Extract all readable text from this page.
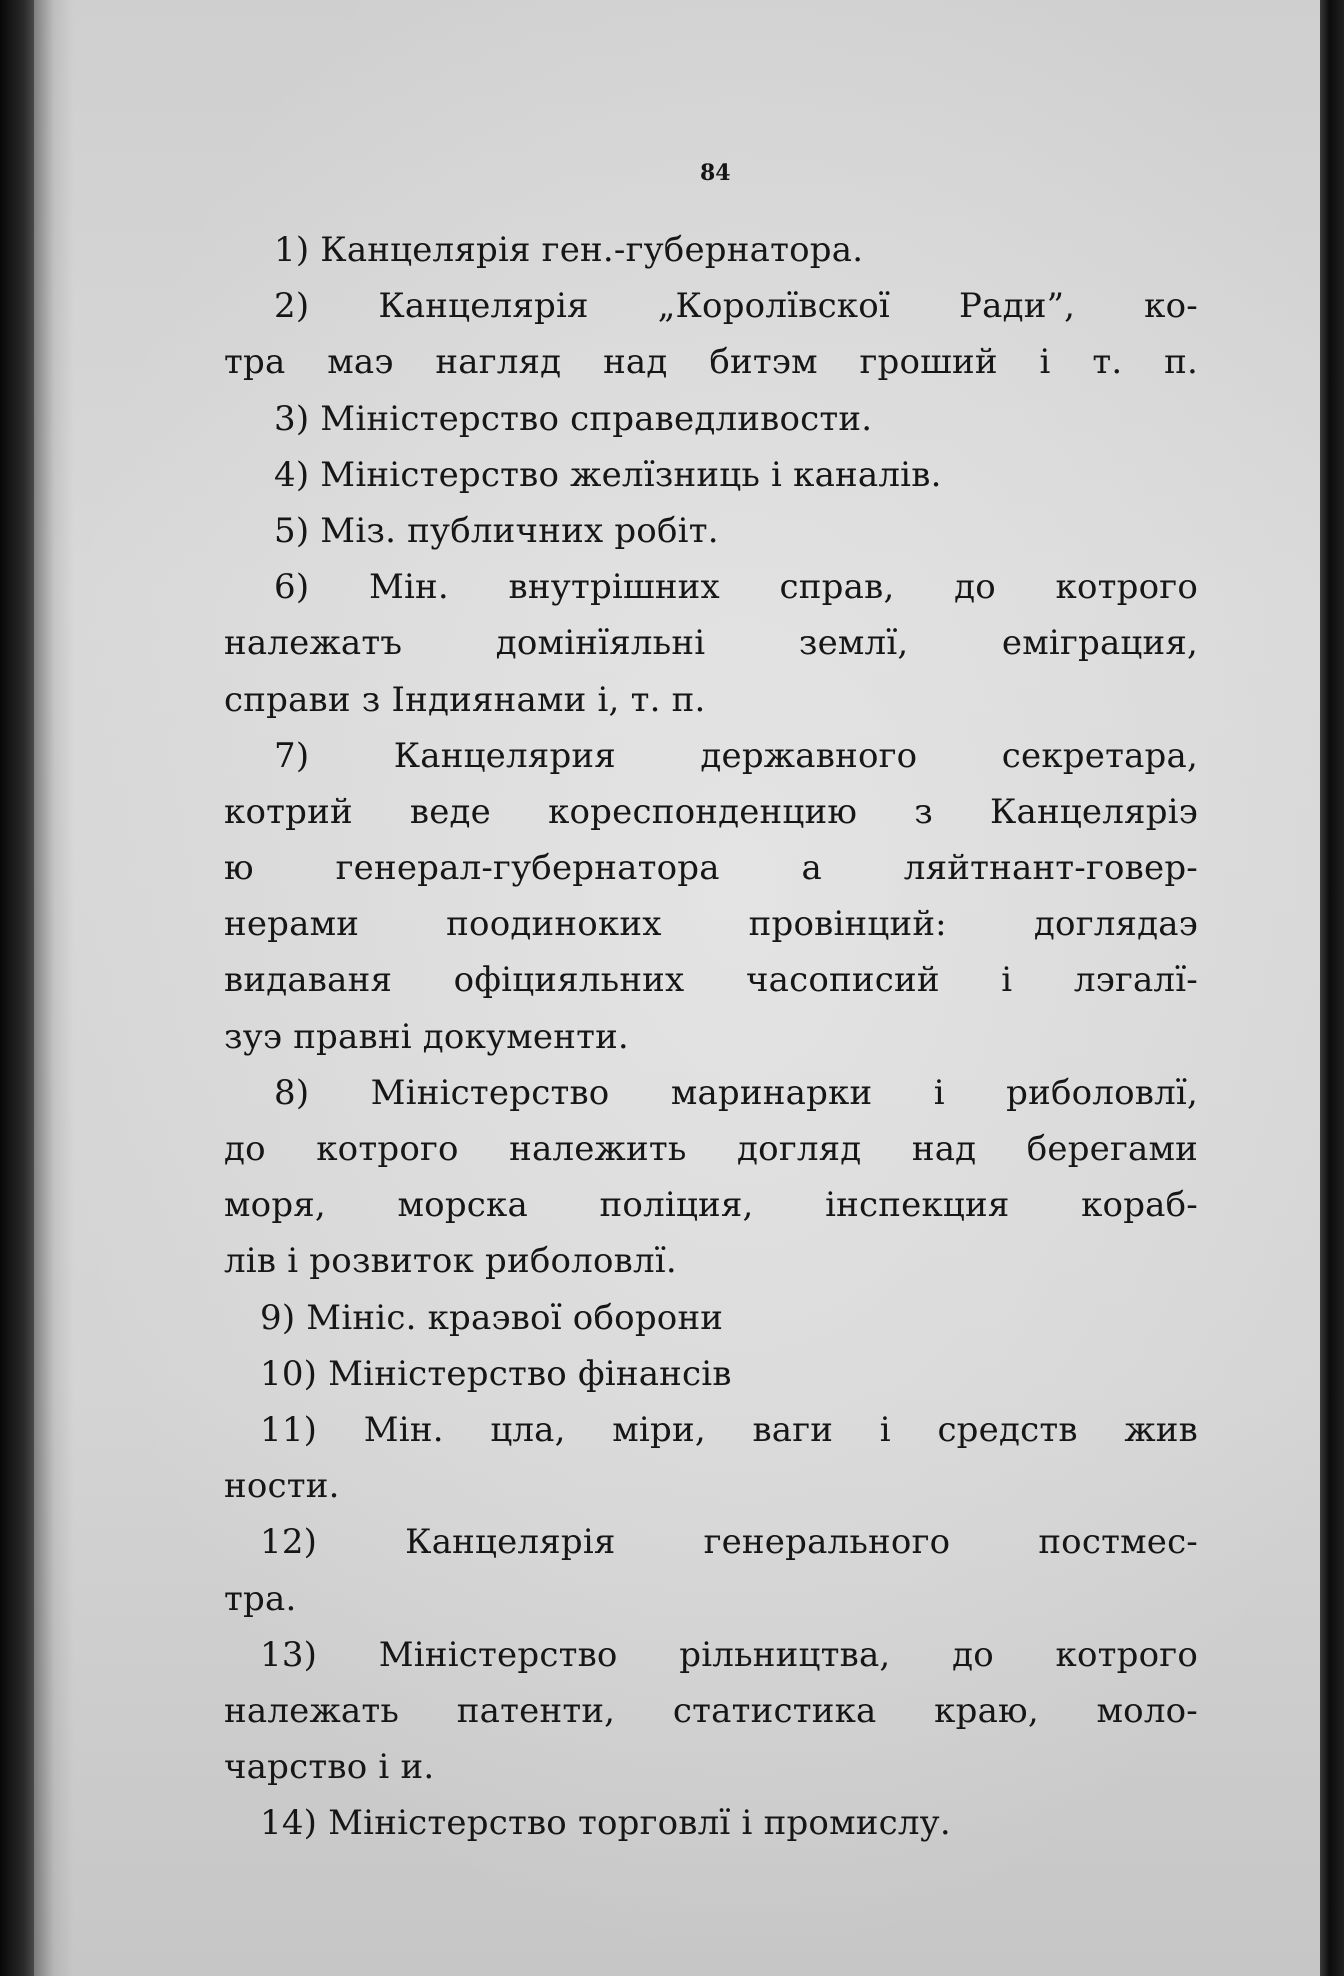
84
1) Канцелярія ген.-губернатора.
2) Канцелярія „Королївскої Ради”, ко-
тра маэ нагляд над битэм гроший і т. п.
3) Міністерство справедливости.
4) Міністерство желїзниць і каналів.
5) Міз. публичних робіт.
6) Мін. внутрішних справ, до котрого
належатъ домінїяльні землї, еміграция,
справи з Індиянами і, т. п.
7) Канцелярия державного секретара,
котрий веде кореспонденцию з Канцеляріэ
ю генерал-губернатора а ляйтнант-говер-
нерами поодиноких провінций: доглядаэ
видаваня офіцияльних часописий і лэгалї-
зуэ правні документи.
8) Міністерство маринарки і риболовлї,
до котрого належить догляд над берегами
моря, морска поліция, інспекция кораб-
лів і розвиток риболовлї.
9) Мініс. краэвої оборони
10) Міністерство фінансів
11) Мін. цла, міри, ваги і средств жив
ности.
12) Канцелярія генерального постмес-
тра.
13) Міністерство рільництва, до котрого
належать патенти, статистика краю, моло-
чарство і и.
14) Міністерство торговлї і промислу.
